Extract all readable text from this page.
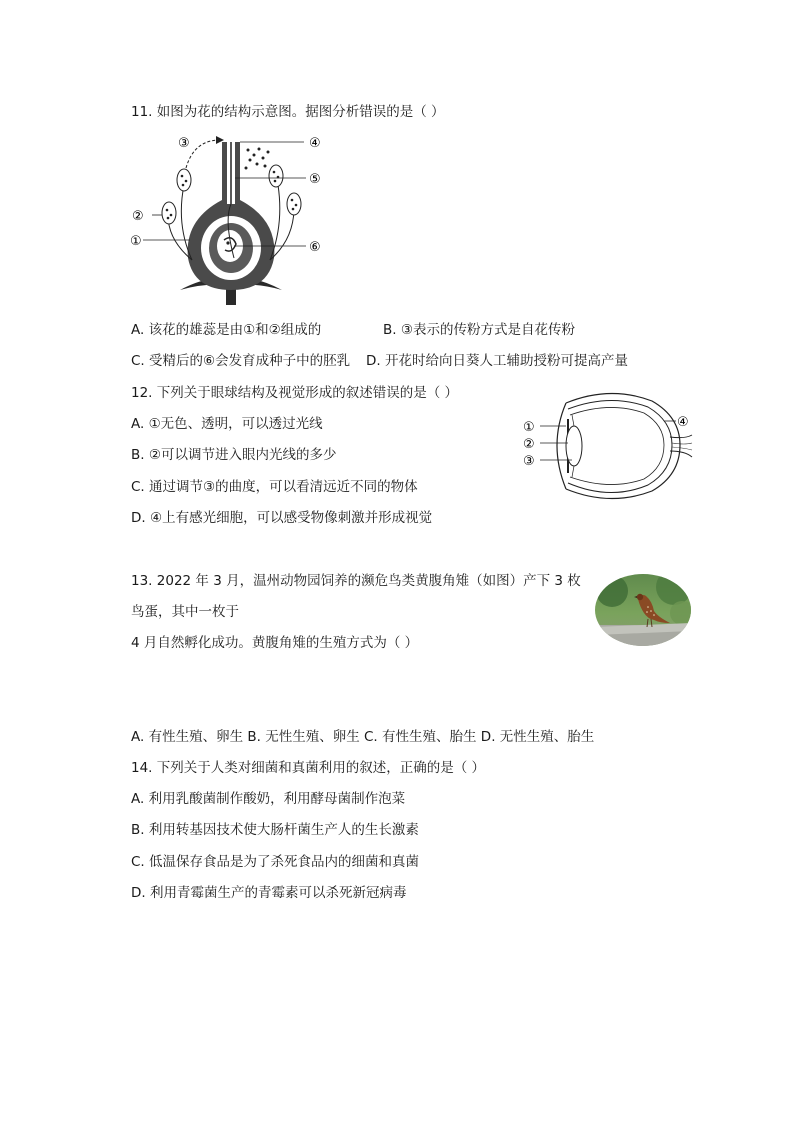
11. 如图为花的结构示意图。据图分析错误的是（ ）
①
②
③	④
⑤
⑥
A. 该花的雄蕊是由①和②组成的	B. ③表示的传粉方式是自花传粉
C. 受精后的⑥会发育成种子中的胚乳 D. 开花时给向日葵人工辅助授粉可提高产量
12. 下列关于眼球结构及视觉形成的叙述错误的是（ ）
A. ①无色、透明，可以透过光线
B. ②可以调节进入眼内光线的多少
C. 通过调节③的曲度，可以看清远近不同的物体
D. ④上有感光细胞，可以感受物像刺激并形成视觉
①
②
③
④
13. 2022 年 3 月，温州动物园饲养的濒危鸟类黄腹角雉（如图）产下 3 枚
鸟蛋，其中一枚于
4 月自然孵化成功。黄腹角雉的生殖方式为（ ）
A. 有性生殖、卵生 B. 无性生殖、卵生 C. 有性生殖、胎生 D. 无性生殖、胎生
14. 下列关于人类对细菌和真菌利用的叙述，正确的是（ ）
A. 利用乳酸菌制作酸奶，利用酵母菌制作泡菜
B. 利用转基因技术使大肠杆菌生产人的生长激素
C. 低温保存食品是为了杀死食品内的细菌和真菌
D. 利用青霉菌生产的青霉素可以杀死新冠病毒
